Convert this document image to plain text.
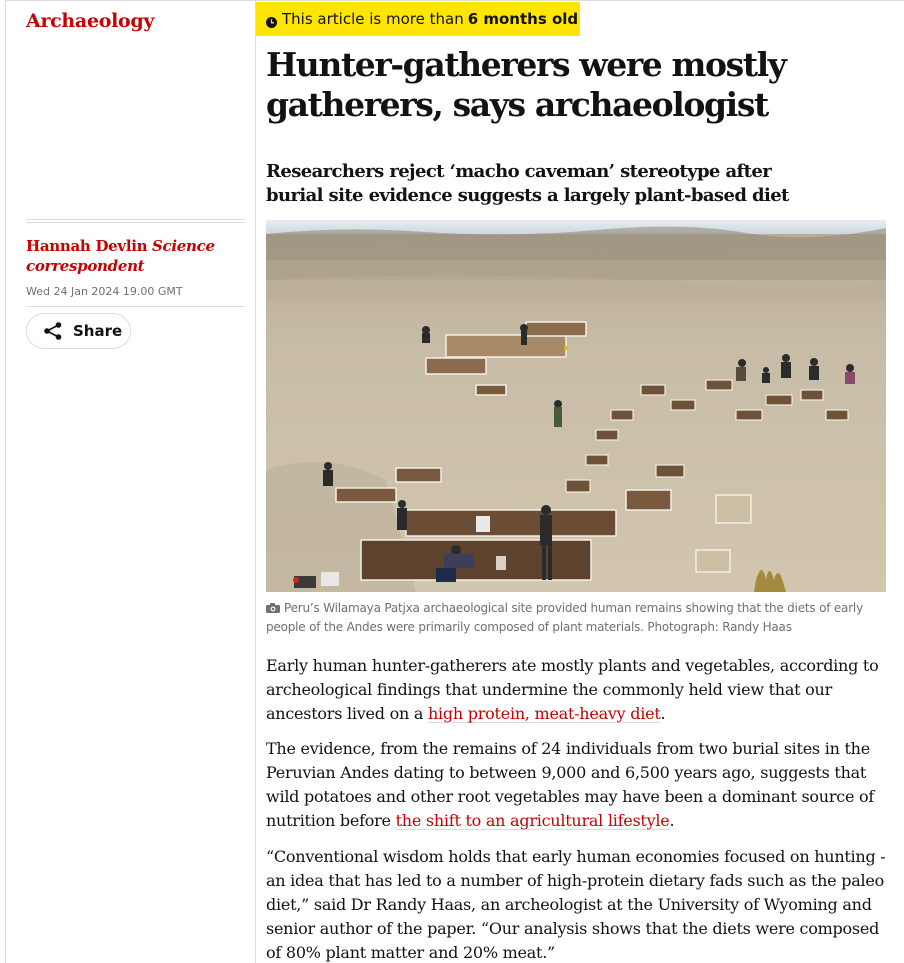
Archaeology
Hannah Devlin Science correspondent
Wed 24 Jan 2024 19.00 GMT
Share
This article is more than 6 months old
Hunter-gatherers were mostly gatherers, says archaeologist
Researchers reject ‘macho caveman’ stereotype after burial site evidence suggests a largely plant-based diet
Peru’s Wilamaya Patjxa archaeological site provided human remains showing that the diets of early people of the Andes were primarily composed of plant materials. Photograph: Randy Haas

Early human hunter-gatherers ate mostly plants and vegetables, according to archeological findings that undermine the commonly held view that our ancestors lived on a high protein, meat-heavy diet.

The evidence, from the remains of 24 individuals from two burial sites in the Peruvian Andes dating to between 9,000 and 6,500 years ago, suggests that wild potatoes and other root vegetables may have been a dominant source of nutrition before the shift to an agricultural lifestyle.

“Conventional wisdom holds that early human economies focused on hunting - an idea that has led to a number of high-protein dietary fads such as the paleo diet,” said Dr Randy Haas, an archeologist at the University of Wyoming and senior author of the paper. “Our analysis shows that the diets were composed of 80% plant matter and 20% meat.”
